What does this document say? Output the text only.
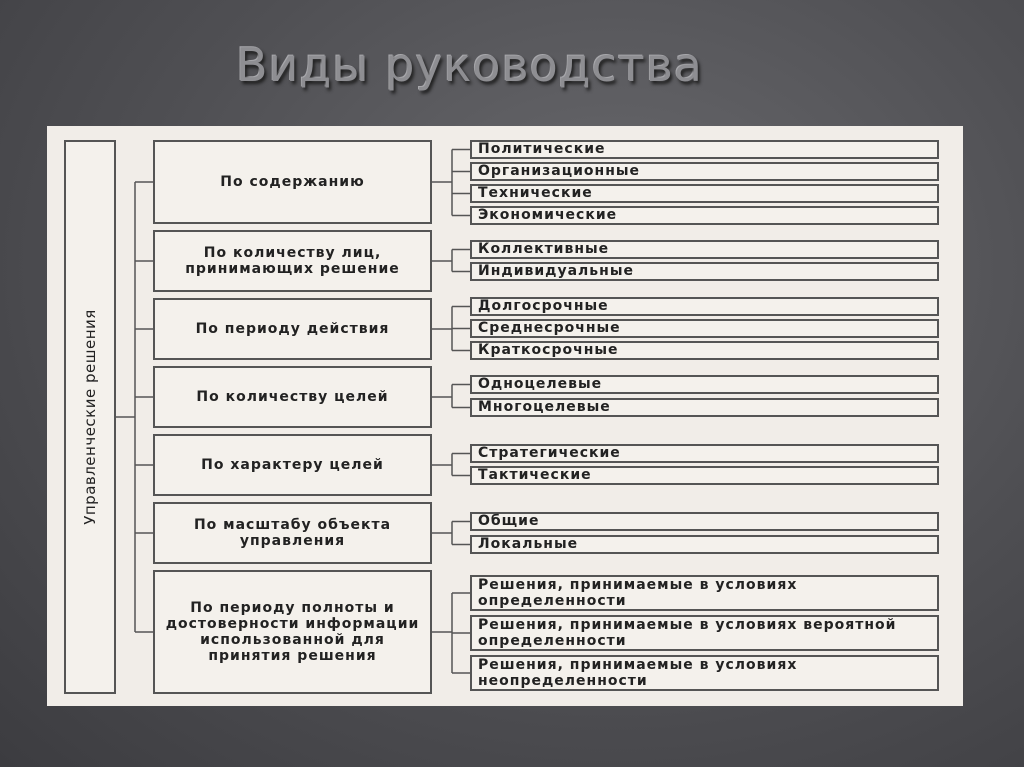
Виды руководства
Управленческие решения
По содержанию
Политические
Организационные
Технические
Экономические
По количеству лиц, принимающих решение
Коллективные
Индивидуальные
По периоду действия
Долгосрочные
Среднесрочные
Краткосрочные
По количеству целей
Одноцелевые
Многоцелевые
По характеру целей
Стратегические
Тактические
По масштабу объекта управления
Общие
Локальные
По периоду полноты и достоверности информации использованной для принятия решения
Решения, принимаемые в условиях определенности
Решения, принимаемые в условиях вероятной определенности
Решения, принимаемые в условиях неопределенности
